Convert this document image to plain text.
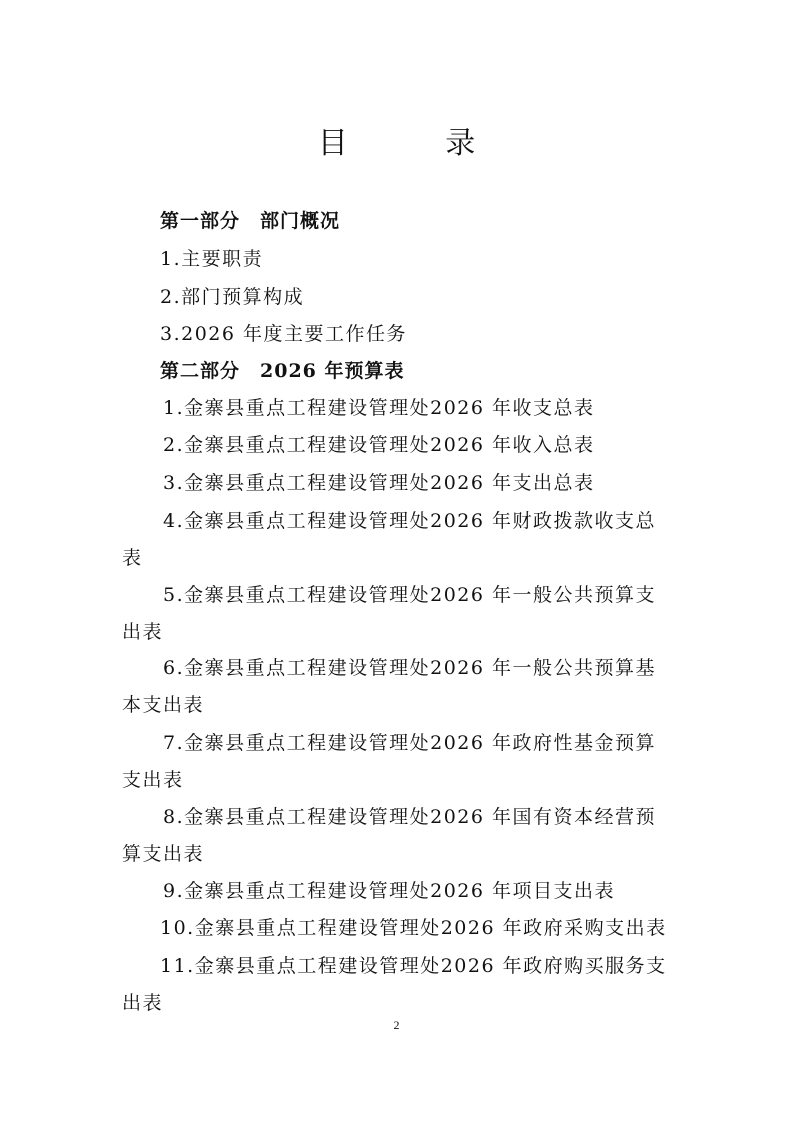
目 录
第一部分　部门概况
1.主要职责
2.部门预算构成
3.2026 年度主要工作任务
第二部分　2026 年预算表
1.金寨县重点工程建设管理处2026 年收支总表
2.金寨县重点工程建设管理处2026 年收入总表
3.金寨县重点工程建设管理处2026 年支出总表
4.金寨县重点工程建设管理处2026 年财政拨款收支总
表
5.金寨县重点工程建设管理处2026 年一般公共预算支
出表
6.金寨县重点工程建设管理处2026 年一般公共预算基
本支出表
7.金寨县重点工程建设管理处2026 年政府性基金预算
支出表
8.金寨县重点工程建设管理处2026 年国有资本经营预
算支出表
9.金寨县重点工程建设管理处2026 年项目支出表
10.金寨县重点工程建设管理处2026 年政府采购支出表
11.金寨县重点工程建设管理处2026 年政府购买服务支
出表
2
